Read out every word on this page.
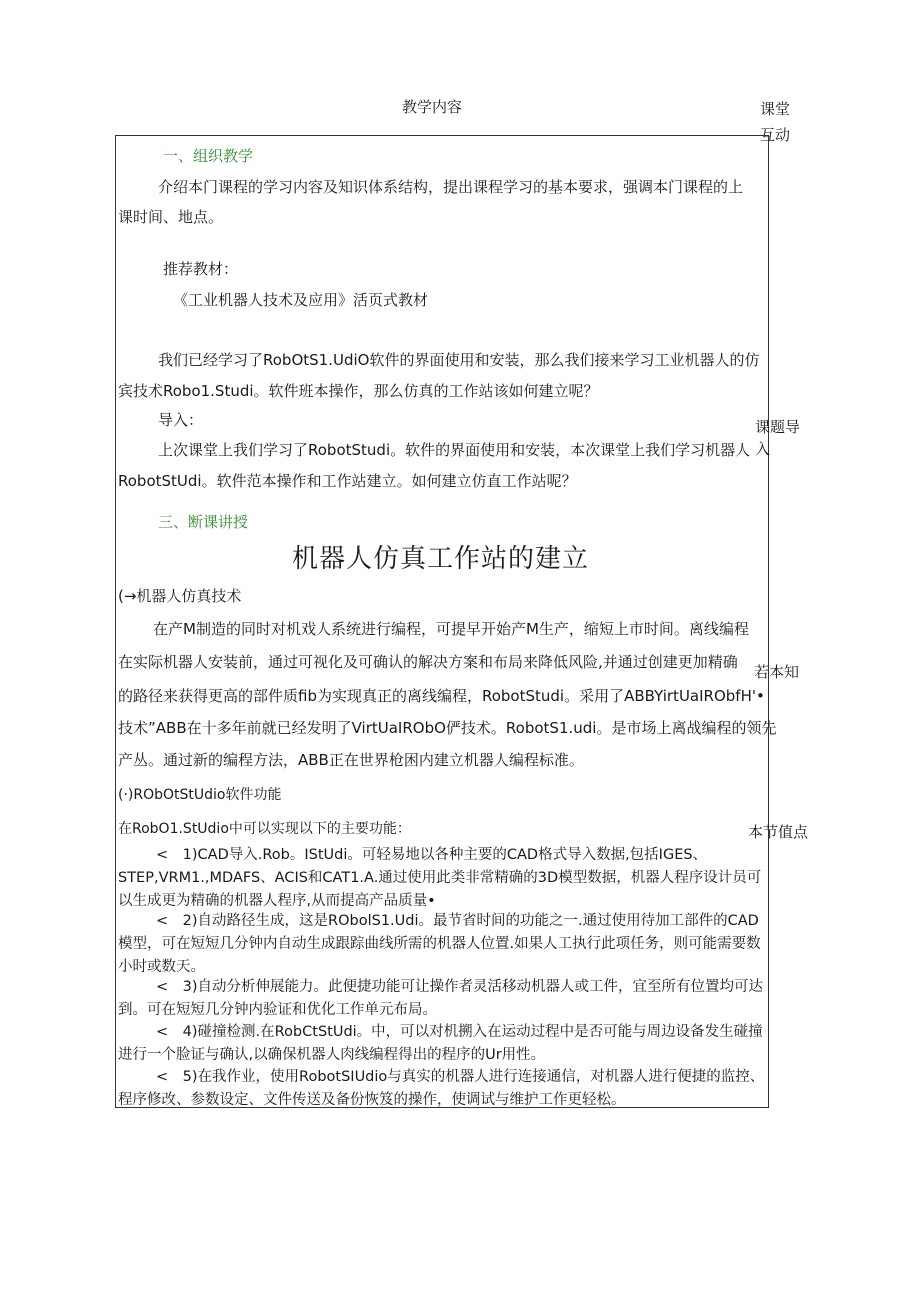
教学内容	课堂互动
一、组织教学
介绍本门课程的学习内容及知识体系结构，提出课程学习的基本要求，强调本门课程的上
课时间、地点。
推荐教材：
《工业机器人技术及应用》活页式教材
我们已经学习了RobOtS1.UdiO软件的界面使用和安装，那么我们接来学习工业机器人的仿
宾技术Robo1.Studi。软件班本操作，那么仿真的工作站该如何建立呢？
导入：
上次课堂上我们学习了RobotStudi。软件的界面使用和安装，本次课堂上我们学习机器人
RobotStUdi。软件范本操作和工作站建立。如何建立仿直工作站呢？
课题导入
三、断课讲授
机器人仿真工作站的建立
(→机器人仿真技术
在产M制造的同时对机戏人系统进行编程，可提早开始产M生产，缩短上市时间。离线编程
在实际机器人安装前，通过可视化及可确认的解决方案和布局来降低风险,并通过创建更加精确
的路径来获得更高的部件质fib为实现真正的离线编程，RobotStudi。采用了ABBYirtUaIRObfH'•
技术”ABB在十多年前就已经发明了VirtUaIRObO俨技术。RobotS1.udi。是市场上离战编程的领先
产丛。通过新的编程方法，ABB正在世界枪困内建立机器人编程标准。
若本知
(·)RObOtStUdio软件功能
在RobO1.StUdio中可以实现以下的主要功能：	本节值点
<　1)CAD导入.Rob。IStUdi。可轻易地以各种主要的CAD格式导入数据,包括IGES、STEP,VRM1.,MDAFS、ACIS和CAT1.A.通过使用此类非常精确的3D模型数据，机器人程序设计员可以生成更为精确的机器人程序,从而提高产品质量•
<　2)自动路径生成，这是RObolS1.Udi。最节省时间的功能之一.通过使用待加工部件的CAD模型，可在短短几分钟内自动生成跟踪曲线所需的机器人位置.如果人工执行此项任务，则可能需要数小时或数天。
<　3)自动分析伸展能力。此便捷功能可让操作者灵活移动机器人或工件，宜至所有位置均可达到。可在短短几分钟内验证和优化工作单元布局。
<　4)碰撞检测.在RobCtStUdi。中，可以对机搠入在运动过程中是否可能与周边设备发生碰撞进行一个脸证与确认,以确保机器人肉线编程得出的程序的Ur用性。
<　5)在我作业，使用RobotSIUdio与真实的机器人进行连接通信，对机器人进行便捷的监控、程序修改、参数设定、文件传送及备份恢笈的操作，使调试与维护工作更轻松。
